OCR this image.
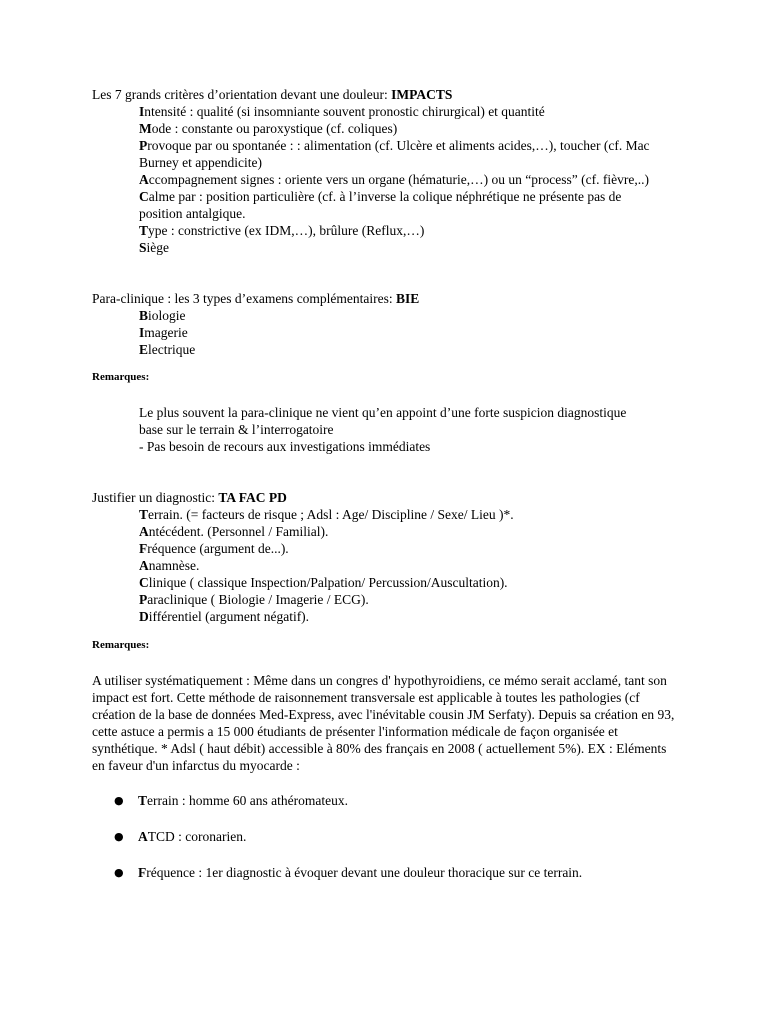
Les 7 grands critères d’orientation devant une douleur: IMPACTS

Intensité : qualité (si insomniante souvent pronostic chirurgical) et quantité

Mode : constante ou paroxystique (cf. coliques)

Provoque par ou spontanée : : alimentation (cf. Ulcère et aliments acides,…), toucher (cf. Mac Burney et appendicite)

Accompagnement signes : oriente vers un organe (hématurie,…) ou un “process” (cf. fièvre,..)

Calme par : position particulière (cf. à l’inverse la colique néphrétique ne présente pas de position antalgique.

Type : constrictive (ex IDM,…), brûlure (Reflux,…)

Siège

Para-clinique : les 3 types d’examens complémentaires: BIE

Biologie

Imagerie

Electrique

Remarques:

Le plus souvent la para-clinique ne vient qu’en appoint d’une forte suspicion diagnostique base sur le terrain & l’interrogatoire

- Pas besoin de recours aux investigations immédiates

Justifier un diagnostic: TA FAC PD

Terrain. (= facteurs de risque ; Adsl : Age/ Discipline / Sexe/ Lieu )*.

Antécédent. (Personnel / Familial).

Fréquence (argument de...).

Anamnèse.

Clinique ( classique Inspection/Palpation/ Percussion/Auscultation).

Paraclinique ( Biologie / Imagerie / ECG).

Différentiel (argument négatif).

Remarques:

A utiliser systématiquement : Même dans un congres d' hypothyroidiens, ce mémo serait acclamé, tant son impact est fort. Cette méthode de raisonnement transversale est applicable à toutes les pathologies (cf création de la base de données Med-Express, avec l'inévitable cousin JM Serfaty). Depuis sa création en 93, cette astuce a permis a 15 000 étudiants de présenter l'information médicale de façon organisée et synthétique. * Adsl ( haut débit) accessible à 80% des français en 2008 ( actuellement 5%). EX : Eléments en faveur d'un infarctus du myocarde :

● Terrain : homme 60 ans athéromateux.
● ATCD : coronarien.
● Fréquence : 1er diagnostic à évoquer devant une douleur thoracique sur ce terrain.
